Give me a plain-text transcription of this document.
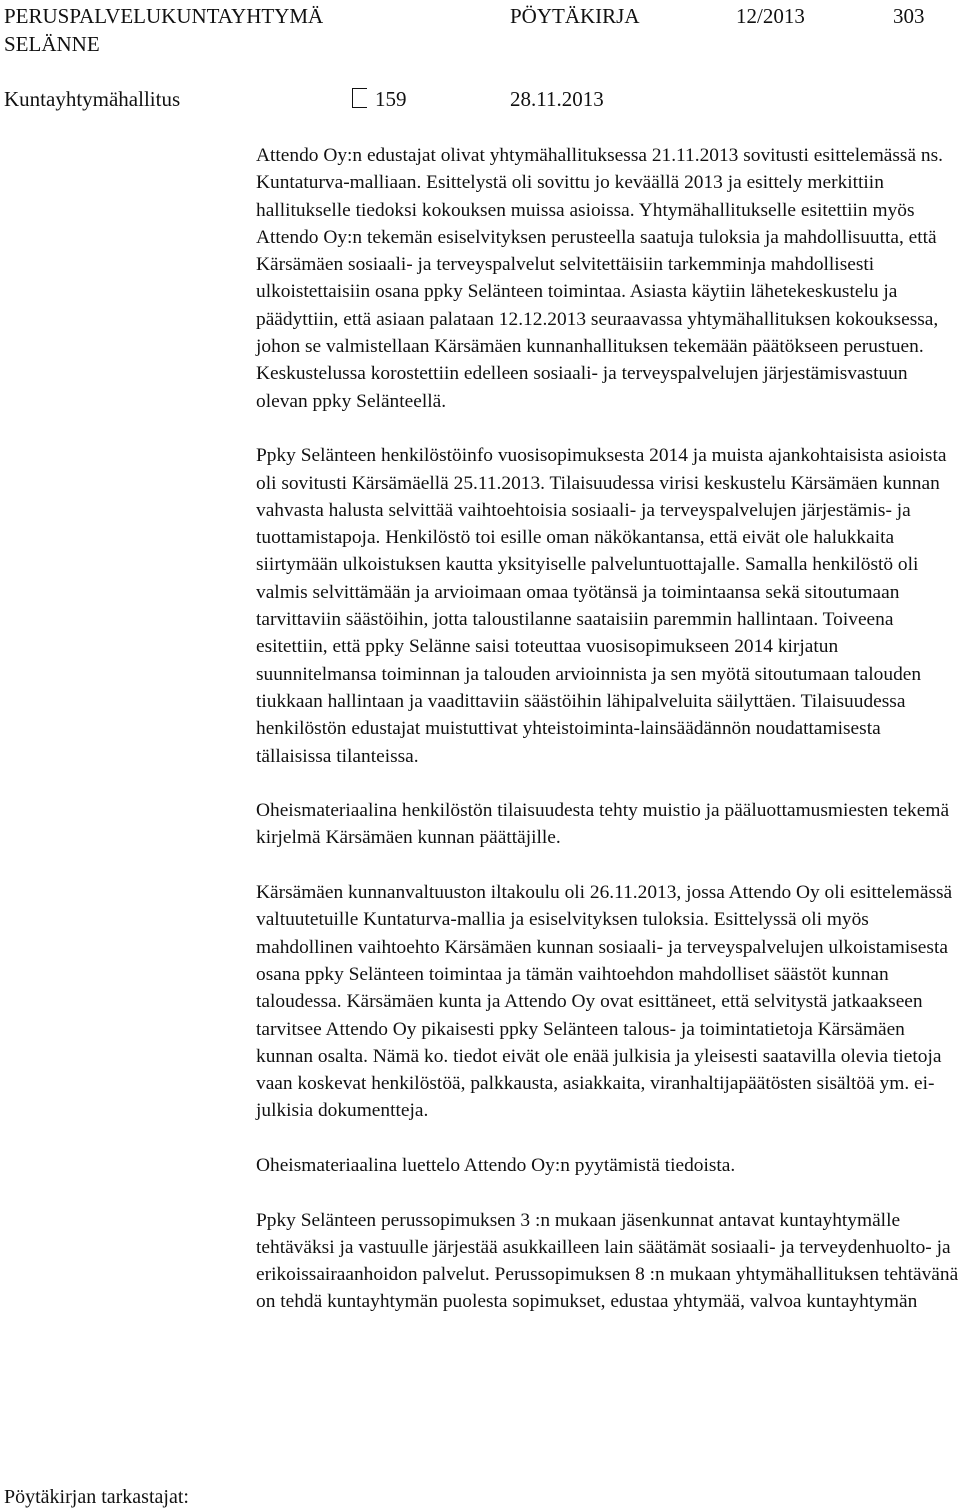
PERUSPALVELUKUNTAYHTYMÄ
SELÄNNE
PÖYTÄKIRJA	12/2013	303
Kuntayhtymähallitus	159	28.11.2013

Attendo Oy:n edustajat olivat yhtymähallituksessa 21.11.2013 sovitusti esittelemässä ns. Kuntaturva-malliaan. Esittelystä oli sovittu jo keväällä 2013 ja esittely merkittiin hallitukselle tiedoksi kokouksen muissa asioissa. Yhtymähallitukselle esitettiin myös Attendo Oy:n tekemän esiselvityksen perusteella saatuja tuloksia ja mahdollisuutta, että Kärsämäen sosiaali- ja terveyspalvelut selvitettäisiin tarkemminja mahdollisesti ulkoistettaisiin osana ppky Selänteen toimintaa. Asiasta käytiin lähetekeskustelu ja päädyttiin, että asiaan palataan 12.12.2013 seuraavassa yhtymähallituksen kokouksessa, johon se valmistellaan Kärsämäen kunnanhallituksen tekemään päätökseen perustuen. Keskustelussa korostettiin edelleen sosiaali- ja terveyspalvelujen järjestämisvastuun olevan ppky Selänteellä.

Ppky Selänteen henkilöstöinfo vuosisopimuksesta 2014 ja muista ajankohtaisista asioista oli sovitusti Kärsämäellä 25.11.2013. Tilaisuudessa virisi keskustelu Kärsämäen kunnan vahvasta halusta selvittää vaihtoehtoisia sosiaali- ja terveyspalvelujen järjestämis- ja tuottamistapoja. Henkilöstö toi esille oman näkökantansa, että eivät ole halukkaita siirtymään ulkoistuksen kautta yksityiselle palveluntuottajalle. Samalla henkilöstö oli valmis selvittämään ja arvioimaan omaa työtänsä ja toimintaansa sekä sitoutumaan tarvittaviin säästöihin, jotta taloustilanne saataisiin paremmin hallintaan. Toiveena esitettiin, että ppky Selänne saisi toteuttaa vuosisopimukseen 2014 kirjatun suunnitelmansa toiminnan ja talouden arvioinnista ja sen myötä sitoutumaan talouden tiukkaan hallintaan ja vaadittaviin säästöihin lähipalveluita säilyttäen. Tilaisuudessa henkilöstön edustajat muistuttivat yhteistoiminta-lainsäädännön noudattamisesta tällaisissa tilanteissa.

Oheismateriaalina henkilöstön tilaisuudesta tehty muistio ja pääluottamusmiesten tekemä kirjelmä Kärsämäen kunnan päättäjille.

Kärsämäen kunnanvaltuuston iltakoulu oli 26.11.2013, jossa Attendo Oy oli esittelemässä valtuutetuille Kuntaturva-mallia ja esiselvityksen tuloksia. Esittelyssä oli myös mahdollinen vaihtoehto Kärsämäen kunnan sosiaali- ja terveyspalvelujen ulkoistamisesta osana ppky Selänteen toimintaa ja tämän vaihtoehdon mahdolliset säästöt kunnan taloudessa. Kärsämäen kunta ja Attendo Oy ovat esittäneet, että selvitystä jatkaakseen tarvitsee Attendo Oy pikaisesti ppky Selänteen talous- ja toimintatietoja Kärsämäen kunnan osalta. Nämä ko. tiedot eivät ole enää julkisia ja yleisesti saatavilla olevia tietoja vaan koskevat henkilöstöä, palkkausta, asiakkaita, viranhaltijapäätösten sisältöä ym. ei-julkisia dokumentteja.

Oheismateriaalina luettelo Attendo Oy:n pyytämistä tiedoista.

Ppky Selänteen perussopimuksen 3 :n mukaan jäsenkunnat antavat kuntayhtymälle tehtäväksi ja vastuulle järjestää asukkailleen lain säätämät sosiaali- ja terveydenhuolto- ja erikoissairaanhoidon palvelut. Perussopimuksen 8 :n mukaan yhtymähallituksen tehtävänä on tehdä kuntayhtymän puolesta sopimukset, edustaa yhtymää, valvoa kuntayhtymän

Pöytäkirjan tarkastajat:
